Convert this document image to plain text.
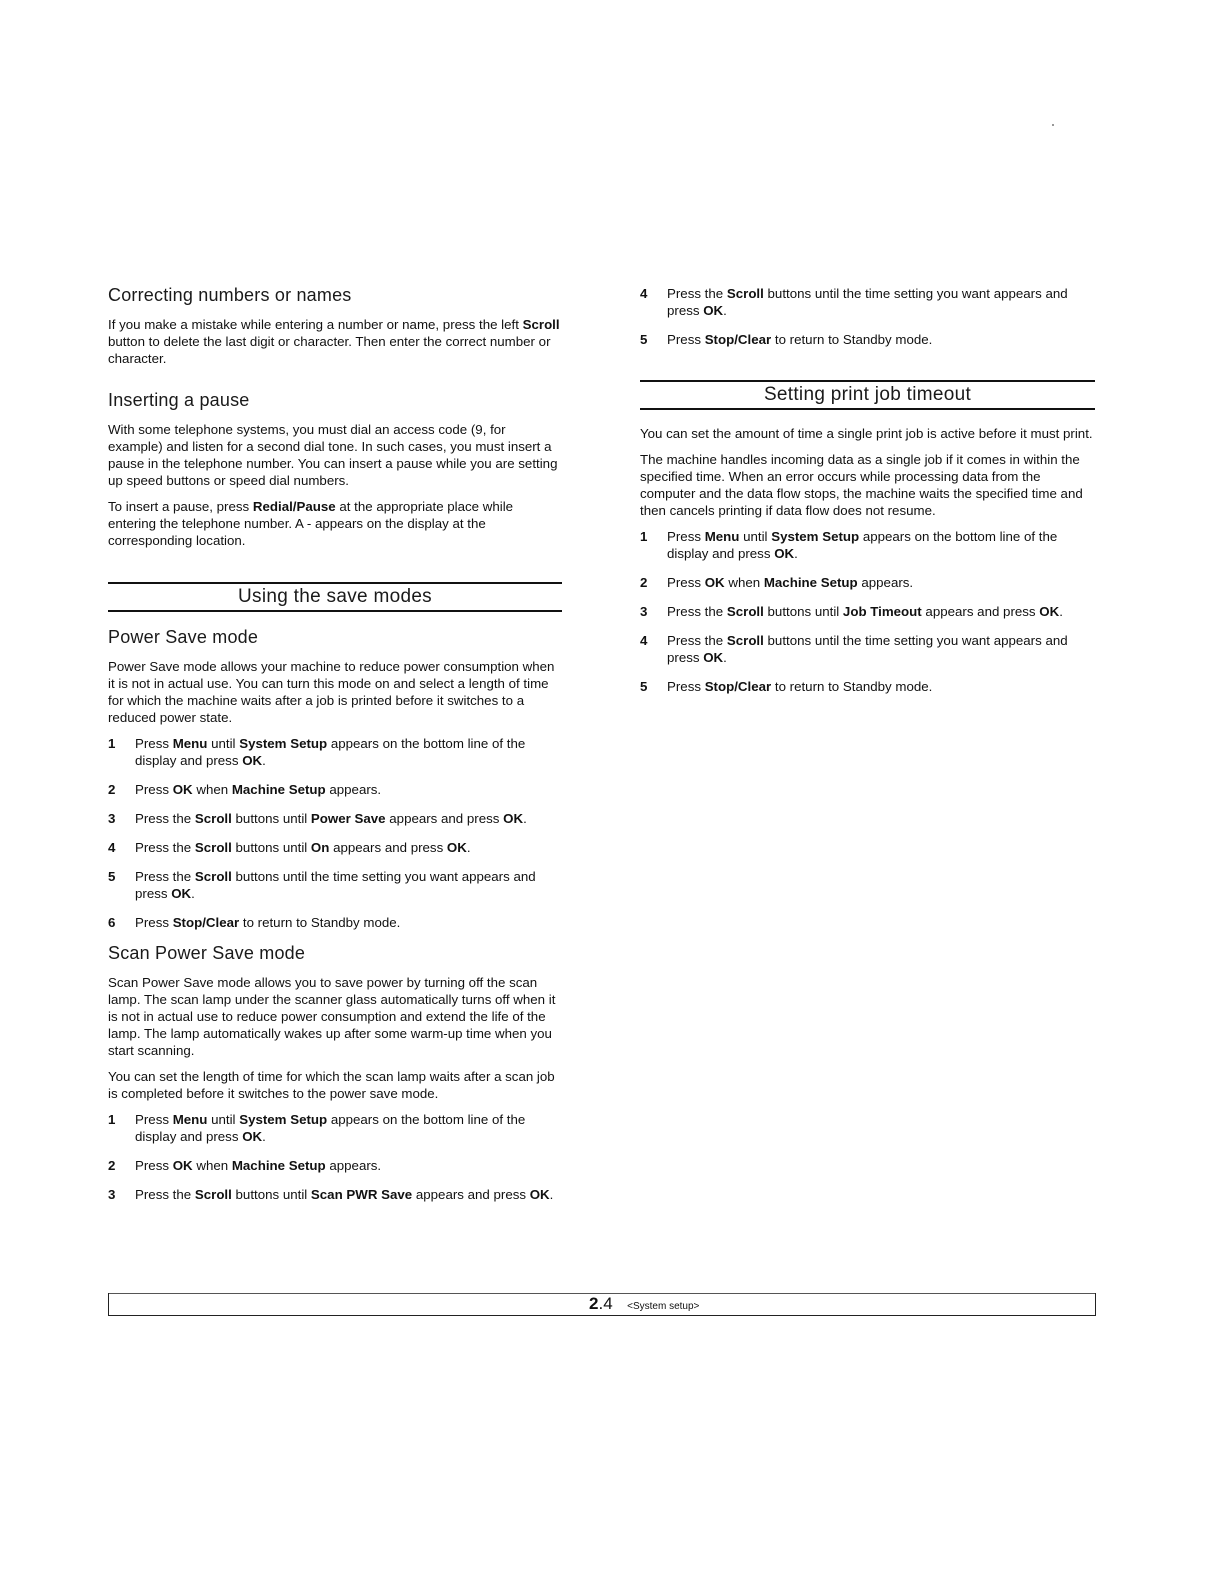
Correcting numbers or names

If you make a mistake while entering a number or name, press the left Scroll button to delete the last digit or character. Then enter the correct number or character.

Inserting a pause

With some telephone systems, you must dial an access code (9, for example) and listen for a second dial tone. In such cases, you must insert a pause in the telephone number. You can insert a pause while you are setting up speed buttons or speed dial numbers.

To insert a pause, press Redial/Pause at the appropriate place while entering the telephone number. A - appears on the display at the corresponding location.

Using the save modes
Power Save mode

Power Save mode allows your machine to reduce power consumption when it is not in actual use. You can turn this mode on and select a length of time for which the machine waits after a job is printed before it switches to a reduced power state.

1 Press Menu until System Setup appears on the bottom line of the display and press OK.
2 Press OK when Machine Setup appears.
3 Press the Scroll buttons until Power Save appears and press OK.
4 Press the Scroll buttons until On appears and press OK.
5 Press the Scroll buttons until the time setting you want appears and press OK.
6 Press Stop/Clear to return to Standby mode.
Scan Power Save mode

Scan Power Save mode allows you to save power by turning off the scan lamp. The scan lamp under the scanner glass automatically turns off when it is not in actual use to reduce power consumption and extend the life of the lamp. The lamp automatically wakes up after some warm-up time when you start scanning.

You can set the length of time for which the scan lamp waits after a scan job is completed before it switches to the power save mode.

1 Press Menu until System Setup appears on the bottom line of the display and press OK.
2 Press OK when Machine Setup appears.
3 Press the Scroll buttons until Scan PWR Save appears and press OK.
4 Press the Scroll buttons until the time setting you want appears and press OK.
5 Press Stop/Clear to return to Standby mode.
Setting print job timeout

You can set the amount of time a single print job is active before it must print.

The machine handles incoming data as a single job if it comes in within the specified time. When an error occurs while processing data from the computer and the data flow stops, the machine waits the specified time and then cancels printing if data flow does not resume.

1 Press Menu until System Setup appears on the bottom line of the display and press OK.
2 Press OK when Machine Setup appears.
3 Press the Scroll buttons until Job Timeout appears and press OK.
4 Press the Scroll buttons until the time setting you want appears and press OK.
5 Press Stop/Clear to return to Standby mode.
2.4 <System setup>
